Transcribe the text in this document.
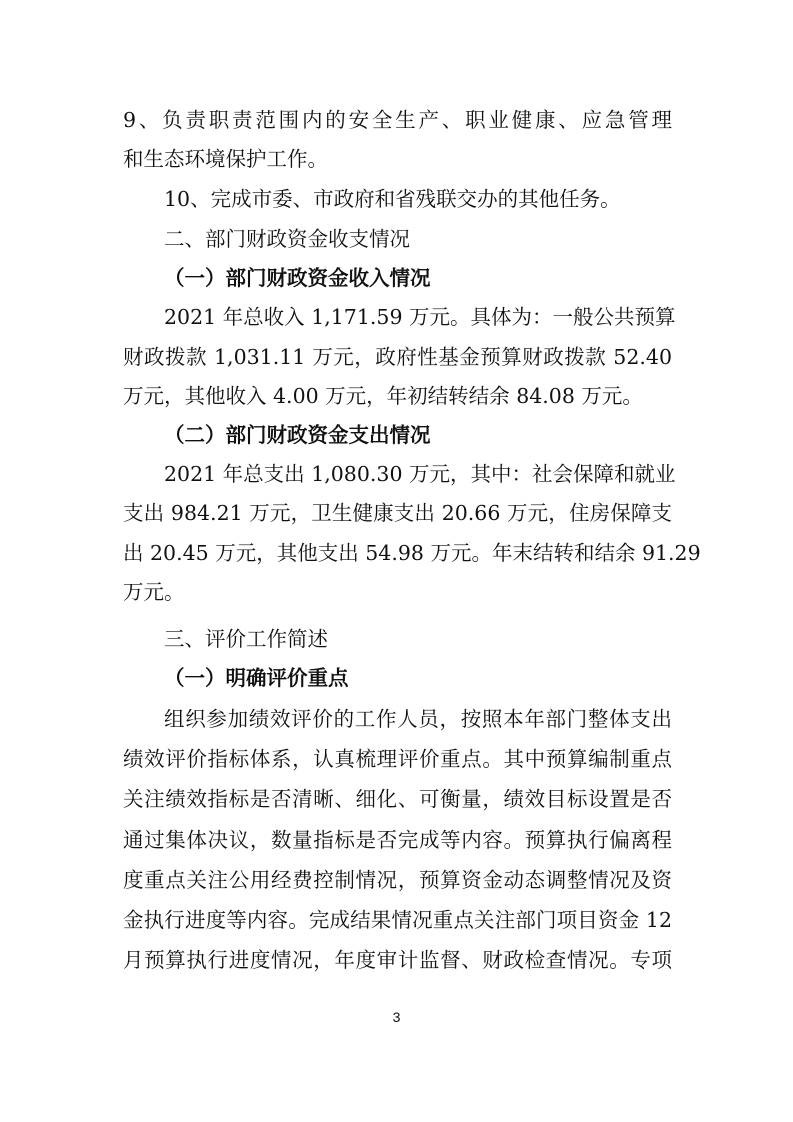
9、负责职责范围内的安全生产、职业健康、应急管理
和生态环境保护工作。
10、完成市委、市政府和省残联交办的其他任务。
二、部门财政资金收支情况
（一）部门财政资金收入情况
2021 年总收入 1,171.59 万元。具体为：一般公共预算
财政拨款 1,031.11 万元，政府性基金预算财政拨款 52.40
万元，其他收入 4.00 万元，年初结转结余 84.08 万元。
（二）部门财政资金支出情况
2021 年总支出 1,080.30 万元，其中：社会保障和就业
支出 984.21 万元，卫生健康支出 20.66 万元，住房保障支
出 20.45 万元，其他支出 54.98 万元。年末结转和结余 91.29
万元。
三、评价工作简述
（一）明确评价重点
组织参加绩效评价的工作人员，按照本年部门整体支出
绩效评价指标体系，认真梳理评价重点。其中预算编制重点
关注绩效指标是否清晰、细化、可衡量，绩效目标设置是否
通过集体决议，数量指标是否完成等内容。预算执行偏离程
度重点关注公用经费控制情况，预算资金动态调整情况及资
金执行进度等内容。完成结果情况重点关注部门项目资金 12
月预算执行进度情况，年度审计监督、财政检查情况。专项
3
